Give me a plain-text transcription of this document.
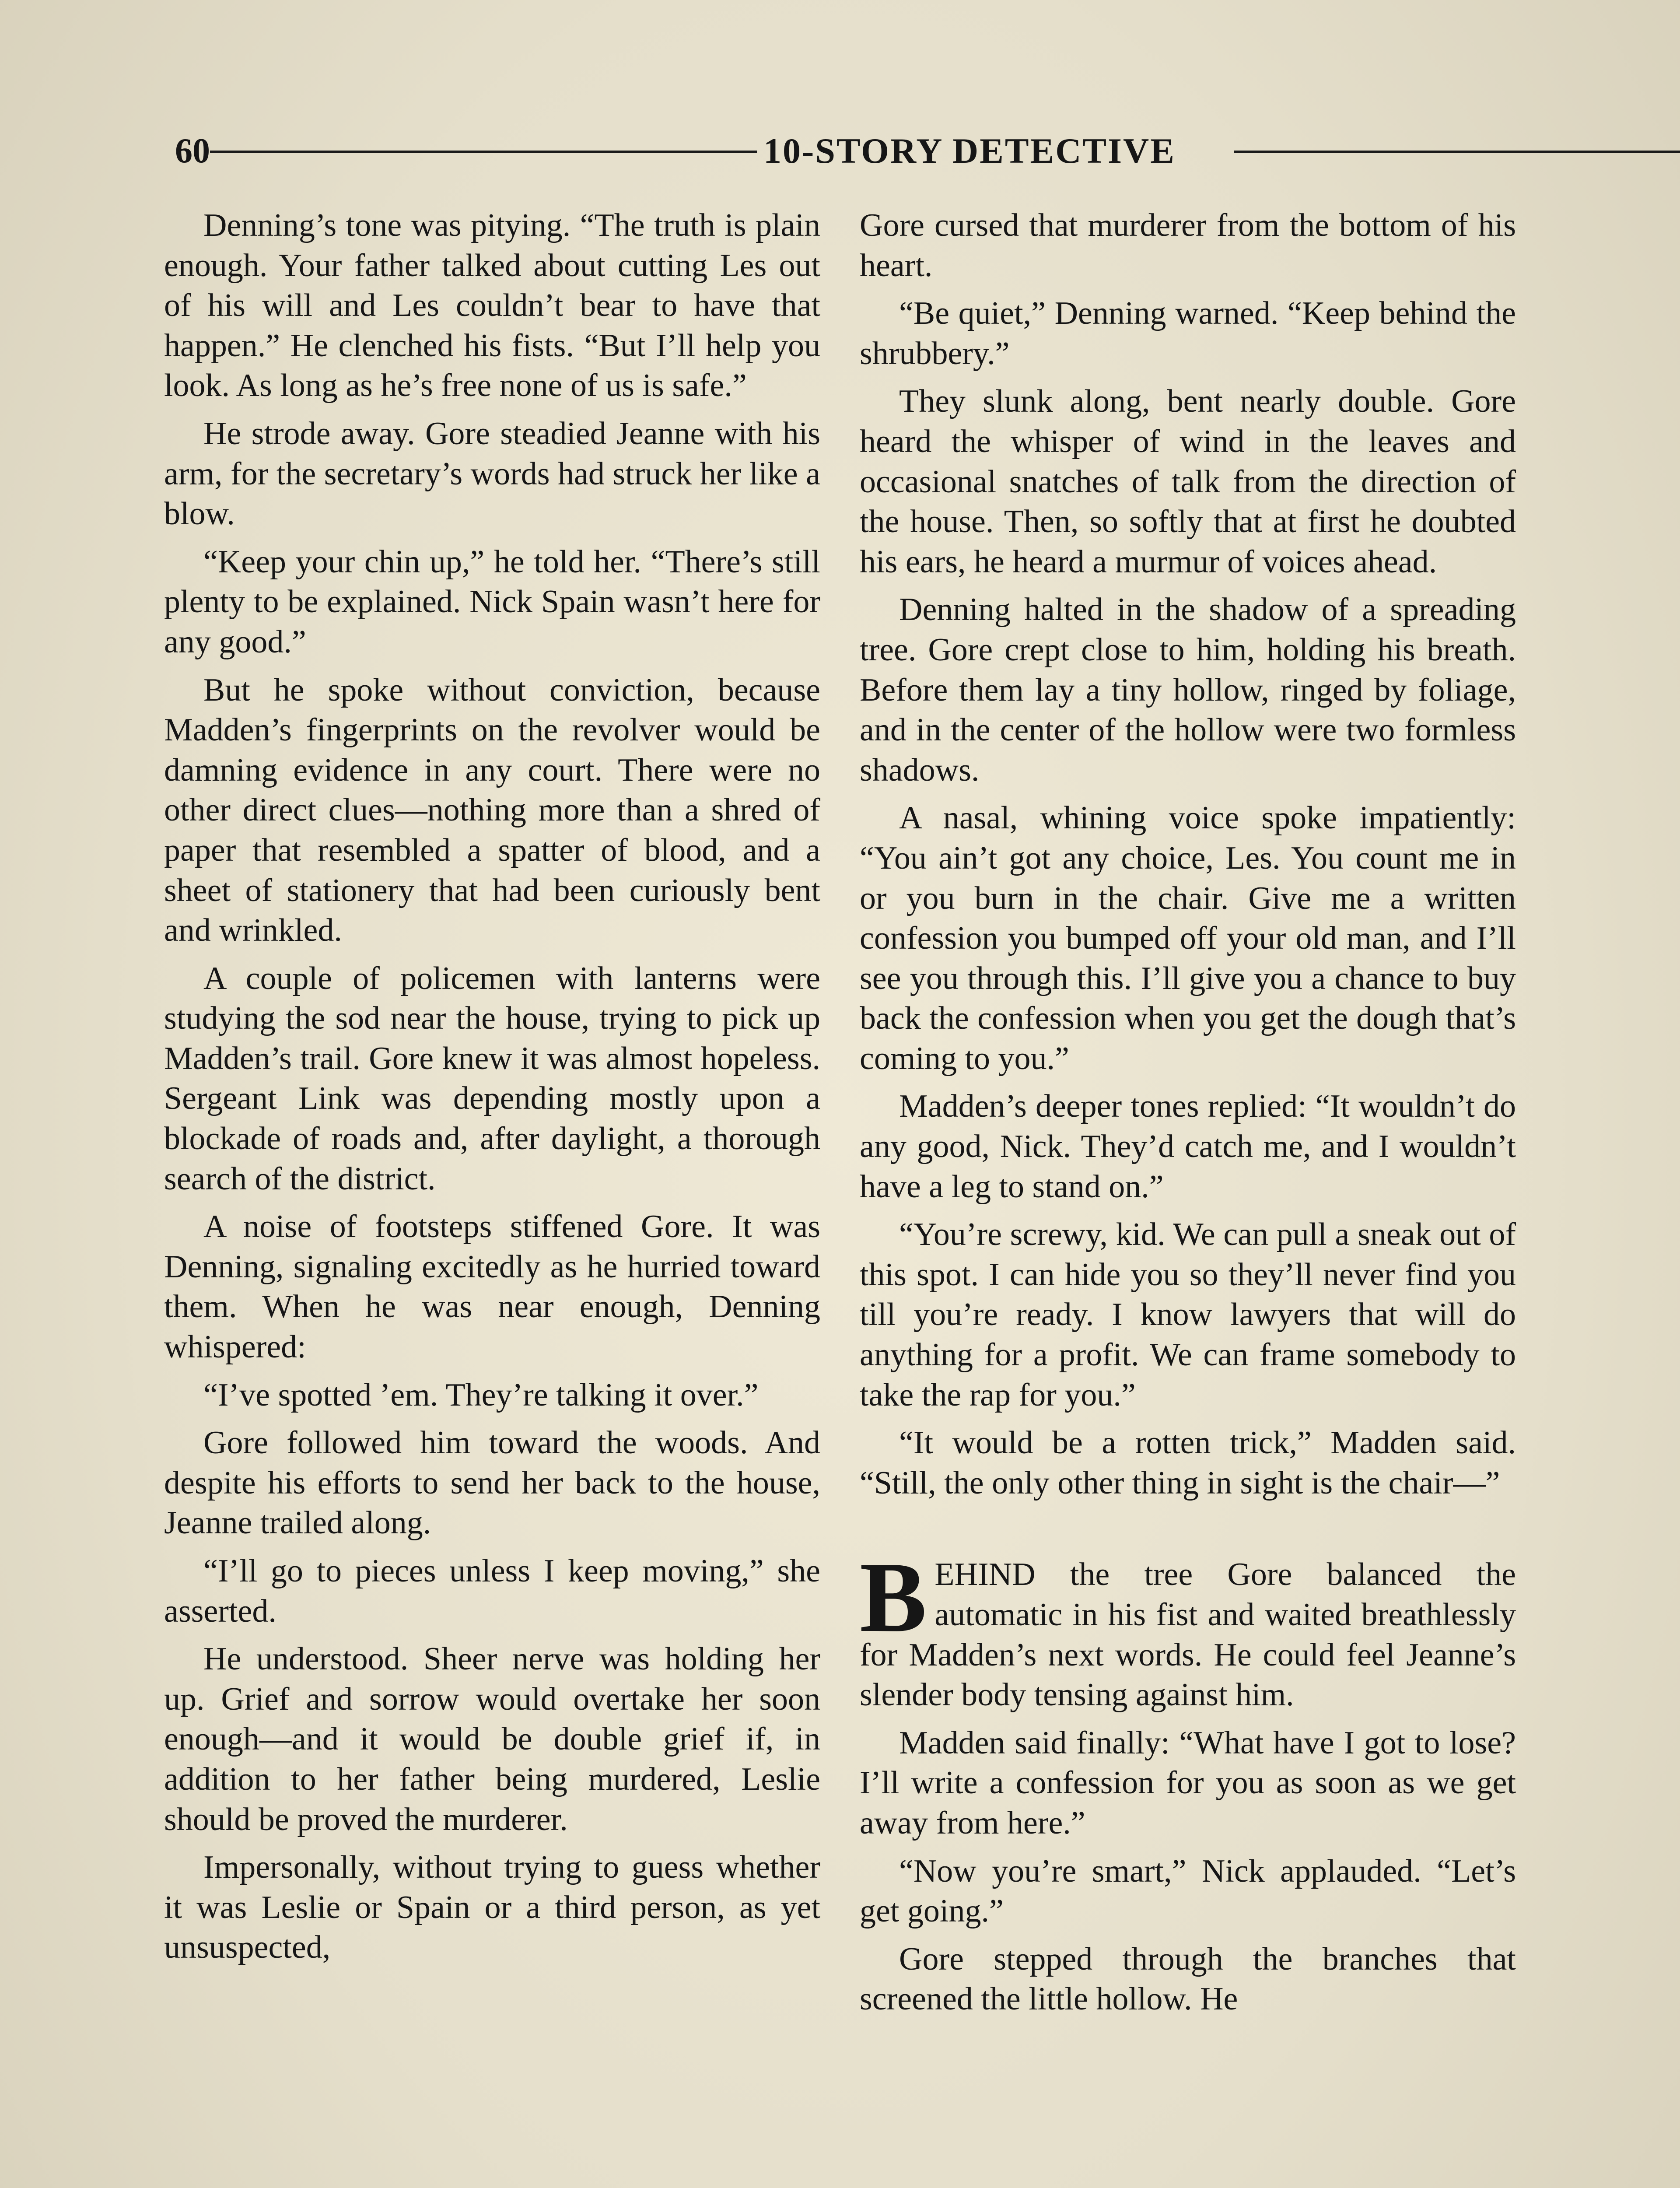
60	10-STORY DETECTIVE

Denning’s tone was pitying. “The truth is plain enough. Your father talked about cutting Les out of his will and Les couldn’t bear to have that happen.” He clenched his fists. “But I’ll help you look. As long as he’s free none of us is safe.”

He strode away. Gore steadied Jeanne with his arm, for the secretary’s words had struck her like a blow.

“Keep your chin up,” he told her. “There’s still plenty to be explained. Nick Spain wasn’t here for any good.”

But he spoke without conviction, because Madden’s fingerprints on the revolver would be damning evidence in any court. There were no other direct clues—nothing more than a shred of paper that resembled a spatter of blood, and a sheet of stationery that had been curiously bent and wrinkled.

A couple of policemen with lanterns were studying the sod near the house, trying to pick up Madden’s trail. Gore knew it was almost hopeless. Sergeant Link was depending mostly upon a blockade of roads and, after daylight, a thorough search of the district.

A noise of footsteps stiffened Gore. It was Denning, signaling excitedly as he hurried toward them. When he was near enough, Denning whispered:

“I’ve spotted ’em. They’re talking it over.”

Gore followed him toward the woods. And despite his efforts to send her back to the house, Jeanne trailed along.

“I’ll go to pieces unless I keep moving,” she asserted.

He understood. Sheer nerve was holding her up. Grief and sorrow would overtake her soon enough—and it would be double grief if, in addition to her father being murdered, Leslie should be proved the murderer.

Impersonally, without trying to guess whether it was Leslie or Spain or a third person, as yet unsuspected,

Gore cursed that murderer from the bottom of his heart.

“Be quiet,” Denning warned. “Keep behind the shrubbery.”

They slunk along, bent nearly double. Gore heard the whisper of wind in the leaves and occasional snatches of talk from the direction of the house. Then, so softly that at first he doubted his ears, he heard a murmur of voices ahead.

Denning halted in the shadow of a spreading tree. Gore crept close to him, holding his breath. Before them lay a tiny hollow, ringed by foliage, and in the center of the hollow were two formless shadows.

A nasal, whining voice spoke impatiently: “You ain’t got any choice, Les. You count me in or you burn in the chair. Give me a written confession you bumped off your old man, and I’ll see you through this. I’ll give you a chance to buy back the confession when you get the dough that’s coming to you.”

Madden’s deeper tones replied: “It wouldn’t do any good, Nick. They’d catch me, and I wouldn’t have a leg to stand on.”

“You’re screwy, kid. We can pull a sneak out of this spot. I can hide you so they’ll never find you till you’re ready. I know lawyers that will do anything for a profit. We can frame somebody to take the rap for you.”

“It would be a rotten trick,” Madden said. “Still, the only other thing in sight is the chair—”

BEHIND the tree Gore balanced the automatic in his fist and waited breathlessly for Madden’s next words. He could feel Jeanne’s slender body tensing against him.

Madden said finally: “What have I got to lose? I’ll write a confession for you as soon as we get away from here.”

“Now you’re smart,” Nick applauded. “Let’s get going.”

Gore stepped through the branches that screened the little hollow. He
